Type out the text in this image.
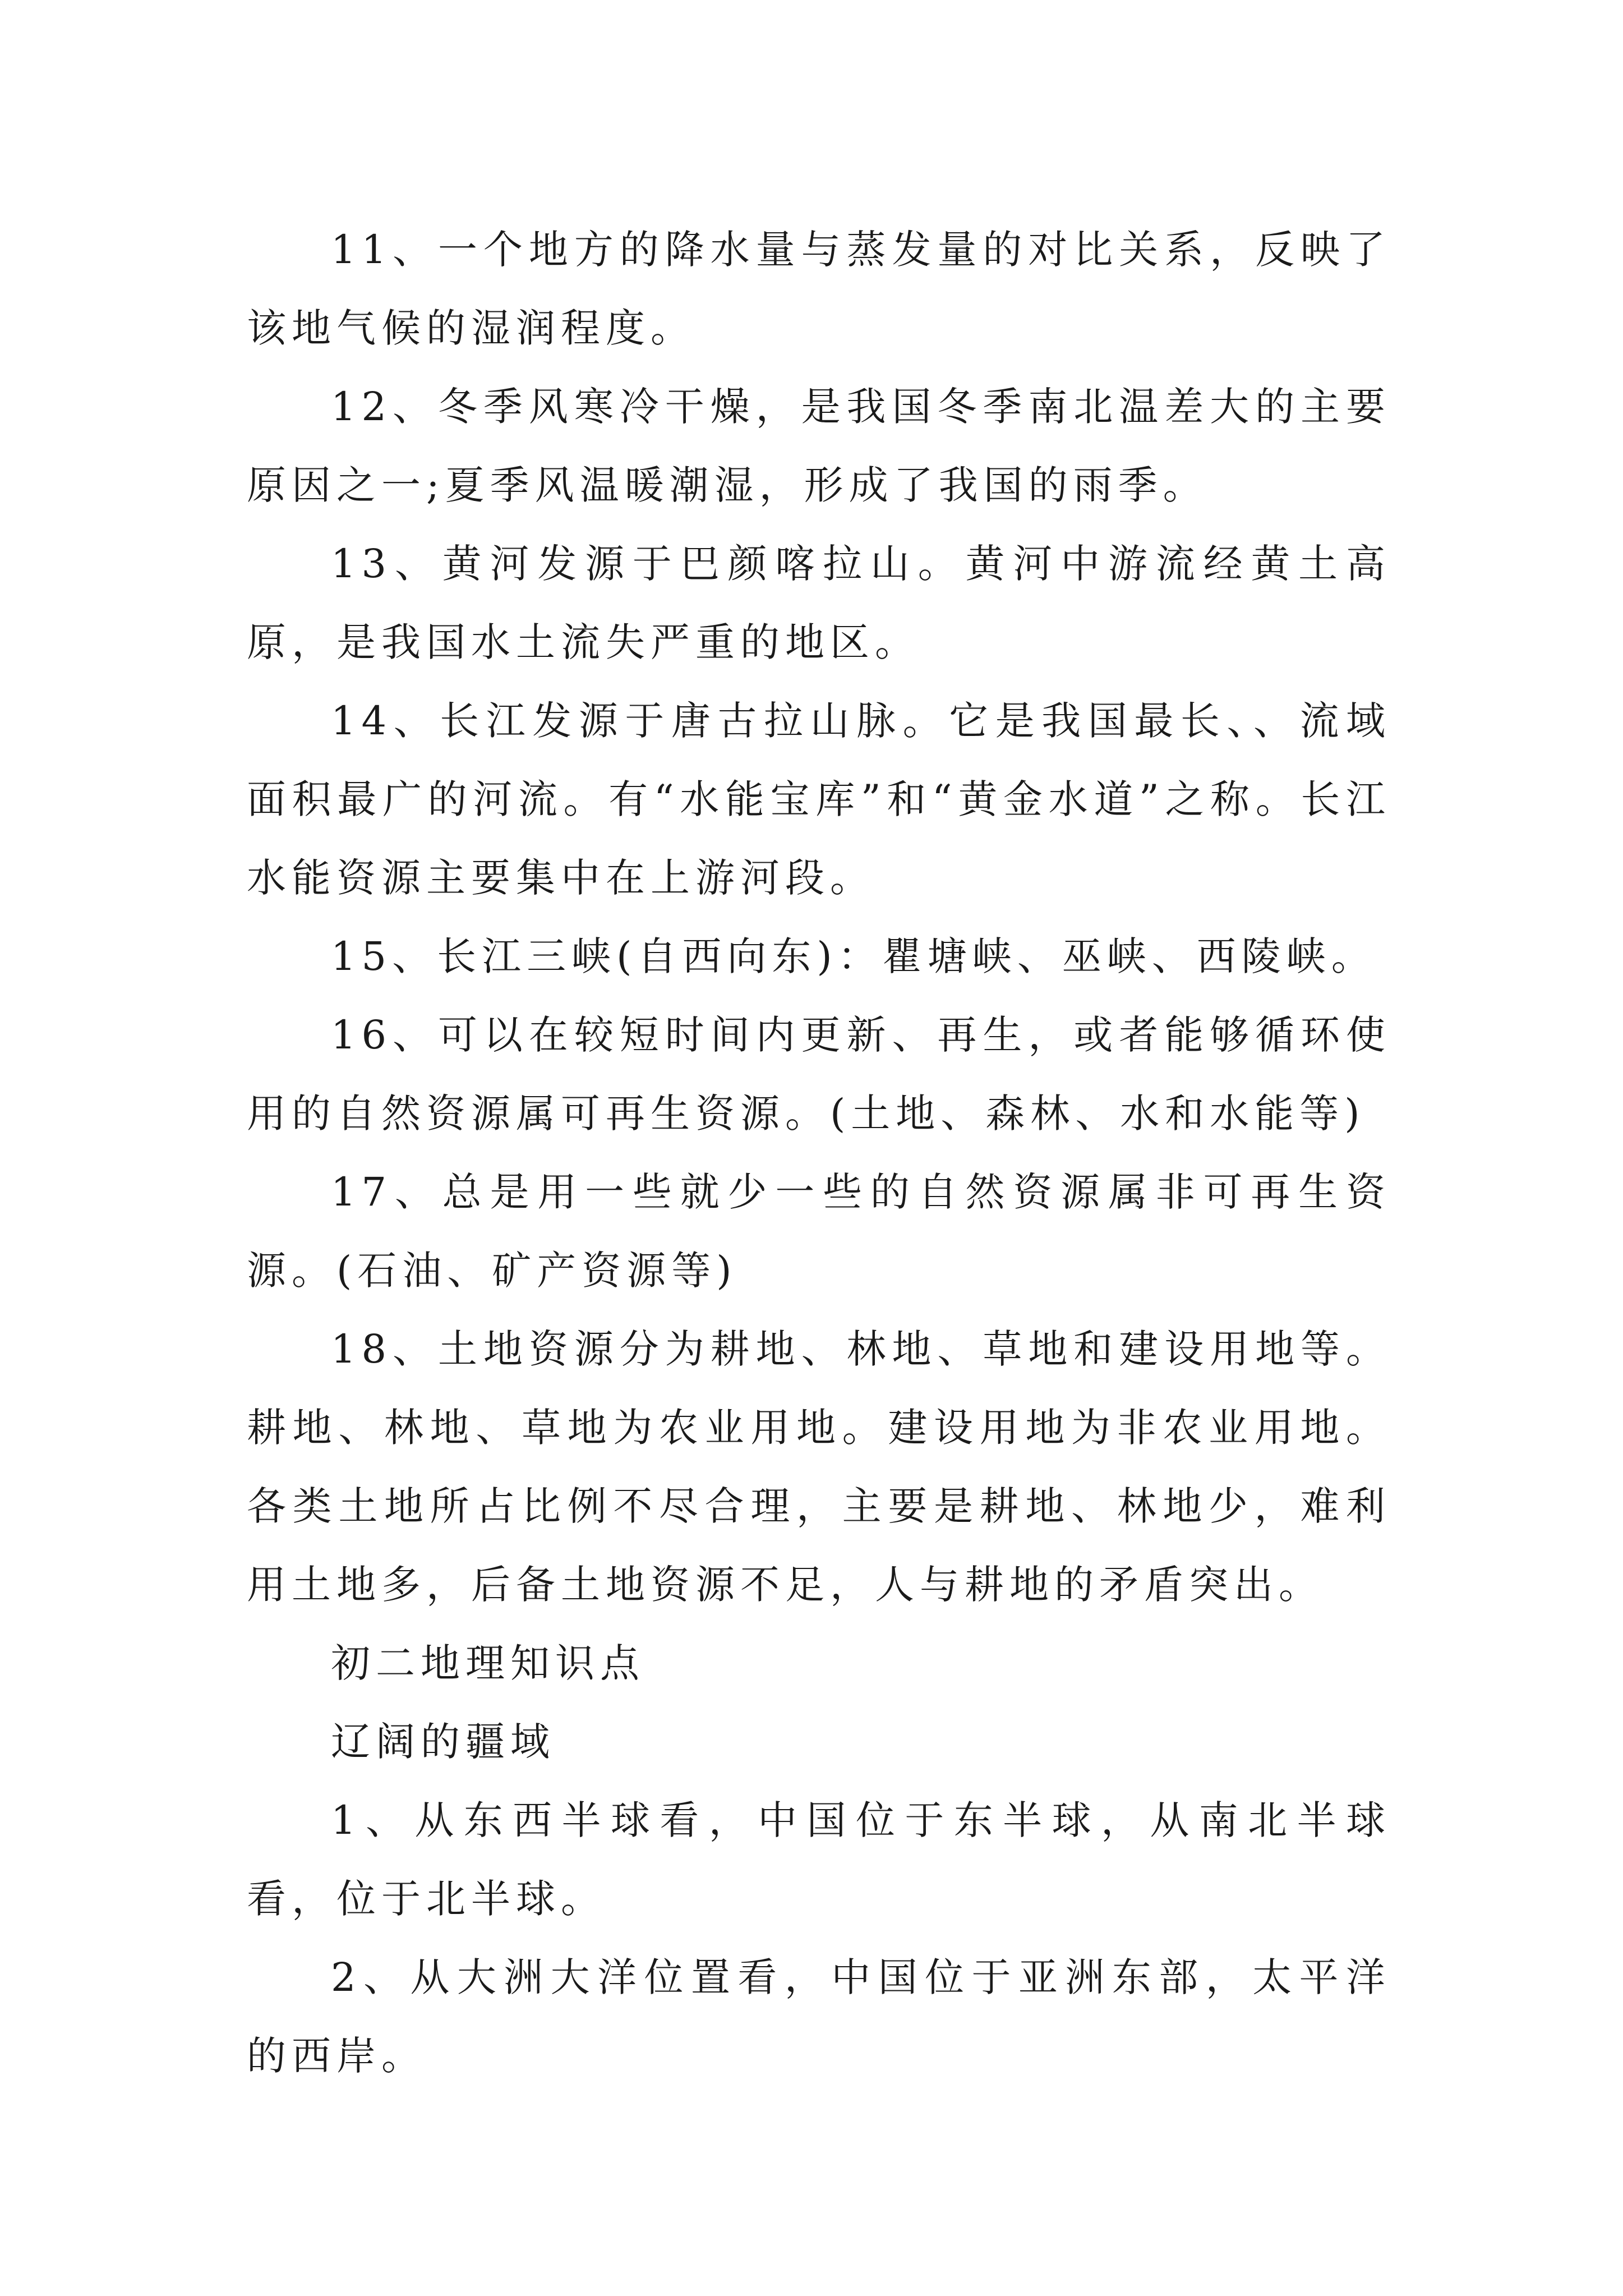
11、一个地方的降水量与蒸发量的对比关系，反映了该地气候的湿润程度。

12、冬季风寒冷干燥，是我国冬季南北温差大的主要原因之一;夏季风温暖潮湿，形成了我国的雨季。

13、黄河发源于巴颜喀拉山。黄河中游流经黄土高原，是我国水土流失严重的地区。

14、长江发源于唐古拉山脉。它是我国最长、、流域面积最广的河流。有“水能宝库”和“黄金水道”之称。长江水能资源主要集中在上游河段。

15、长江三峡(自西向东)：瞿塘峡、巫峡、西陵峡。

16、可以在较短时间内更新、再生，或者能够循环使用的自然资源属可再生资源。(土地、森林、水和水能等)

17、总是用一些就少一些的自然资源属非可再生资源。(石油、矿产资源等)

18、土地资源分为耕地、林地、草地和建设用地等。耕地、林地、草地为农业用地。建设用地为非农业用地。各类土地所占比例不尽合理，主要是耕地、林地少，难利用土地多，后备土地资源不足，人与耕地的矛盾突出。

初二地理知识点

辽阔的疆域

1、从东西半球看，中国位于东半球，从南北半球看，位于北半球。

2、从大洲大洋位置看，中国位于亚洲东部，太平洋的西岸。
